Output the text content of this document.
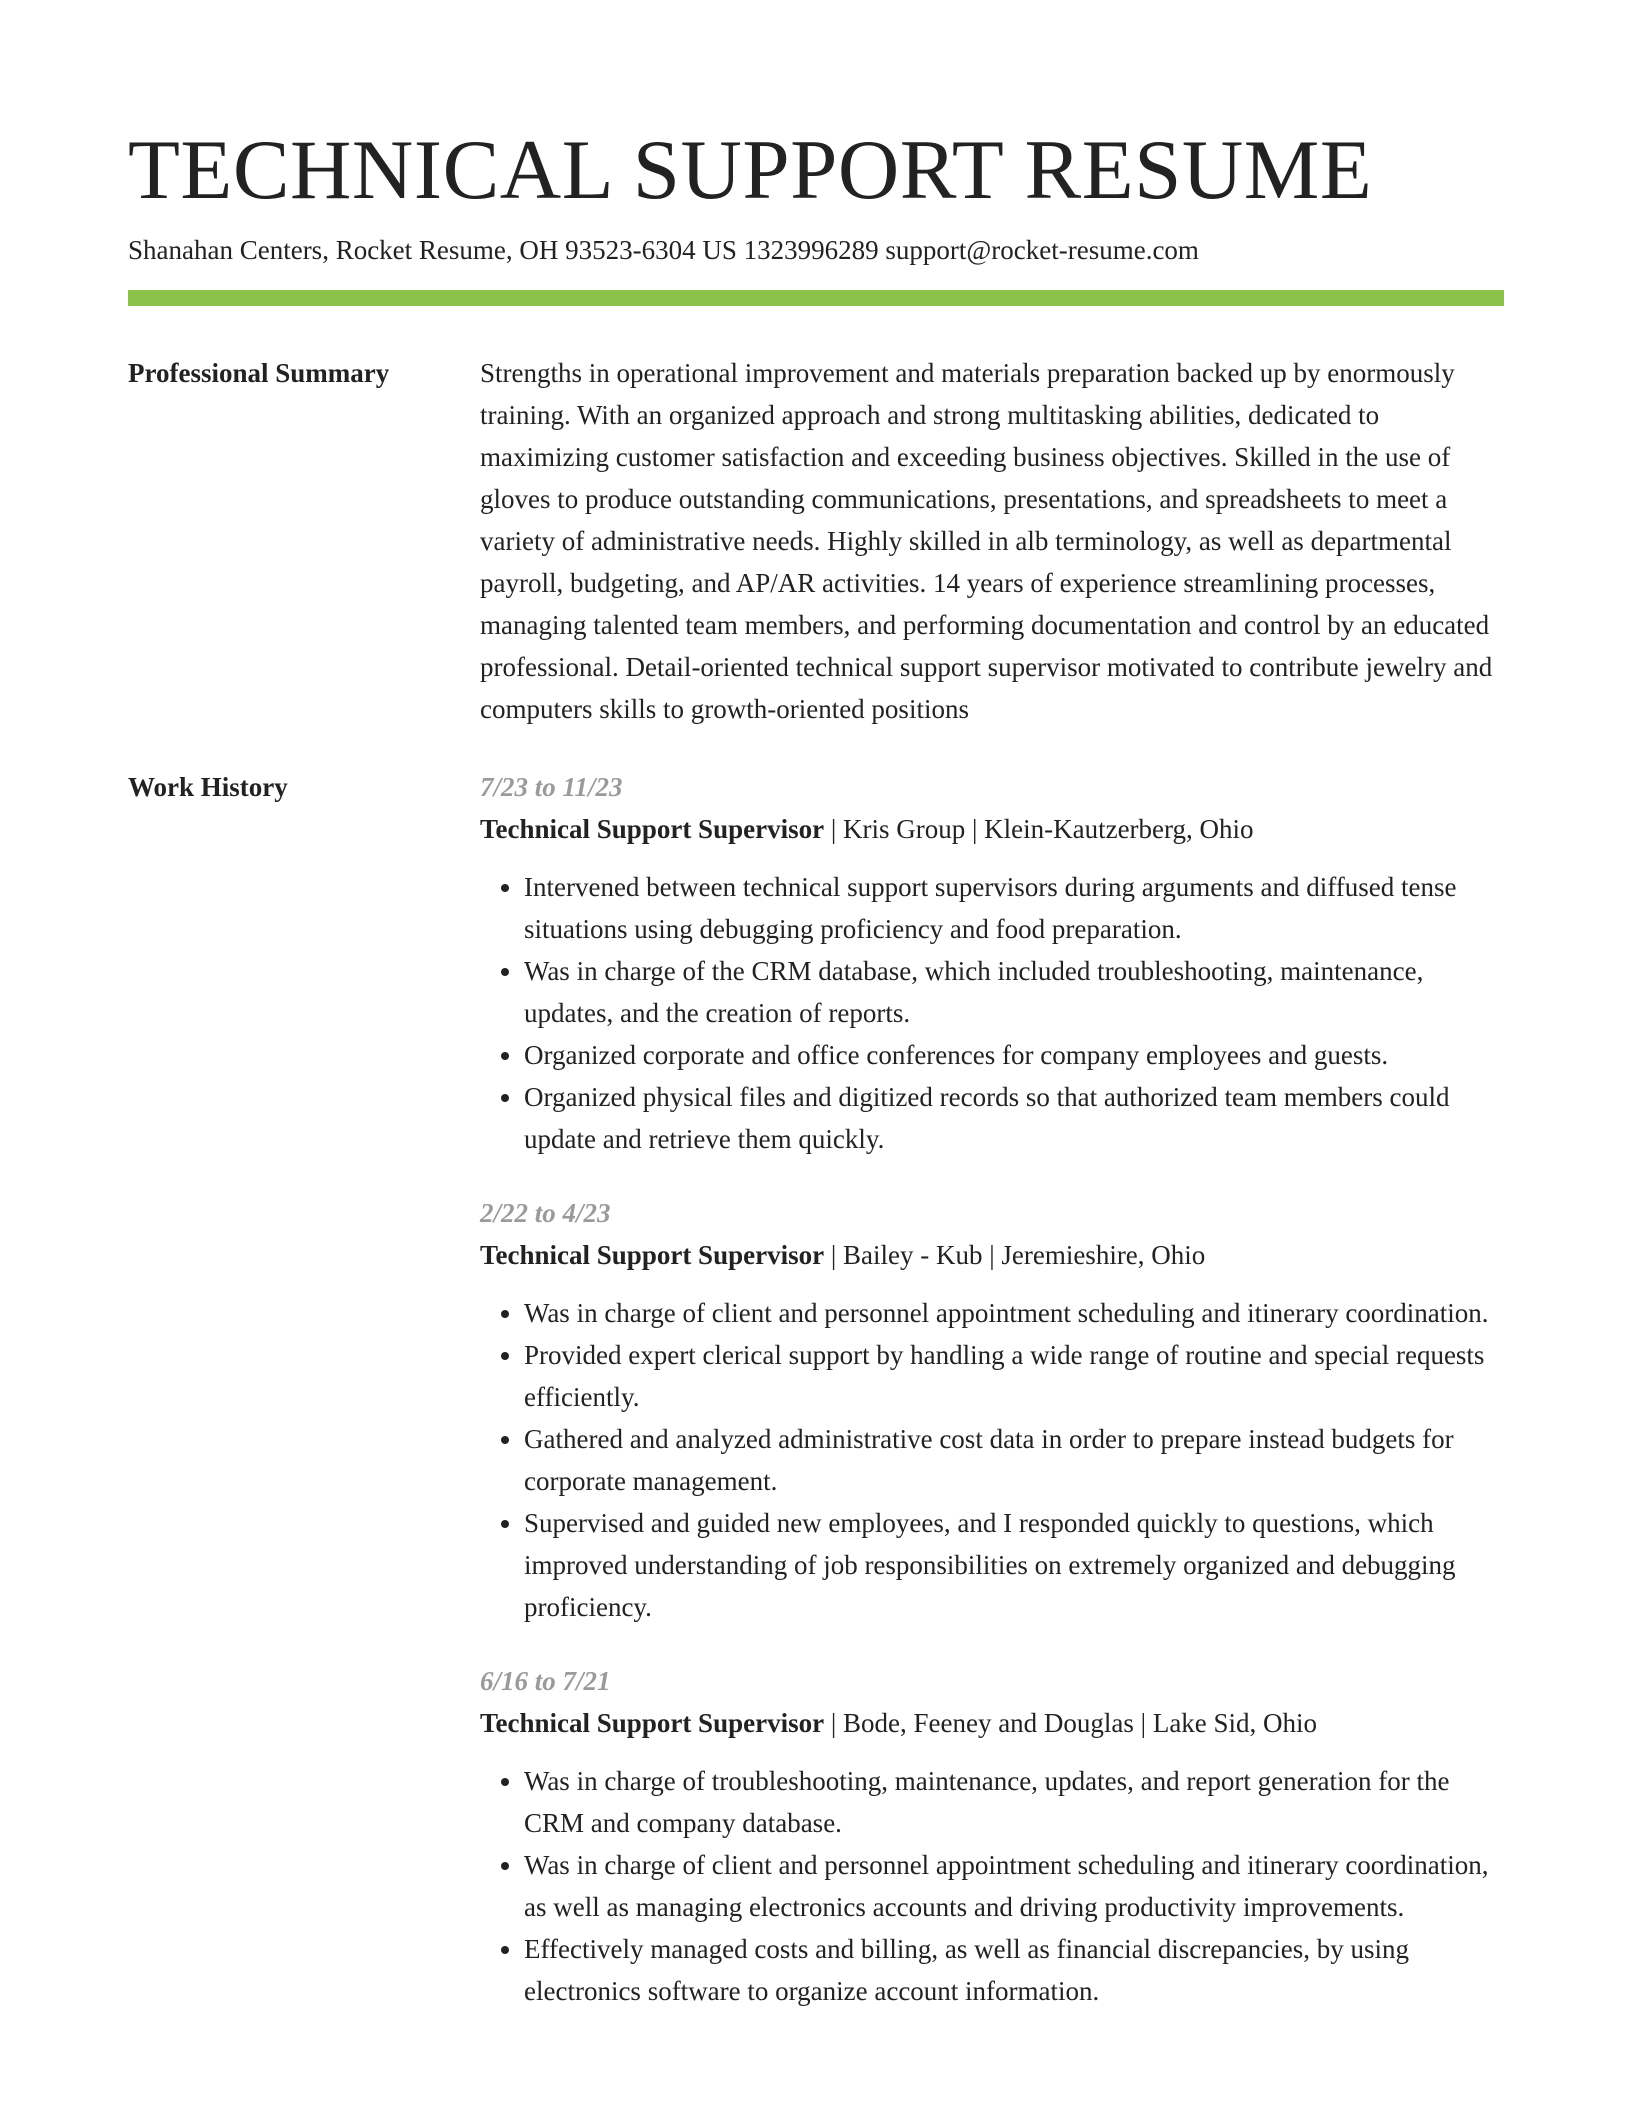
TECHNICAL SUPPORT RESUME
Shanahan Centers, Rocket Resume, OH 93523-6304 US 1323996289 support@rocket-resume.com
Professional Summary	Strengths in operational improvement and materials preparation backed up by enormously training. With an organized approach and strong multitasking abilities, dedicated to maximizing customer satisfaction and exceeding business objectives. Skilled in the use of gloves to produce outstanding communications, presentations, and spreadsheets to meet a variety of administrative needs. Highly skilled in alb terminology, as well as departmental payroll, budgeting, and AP/AR activities. 14 years of experience streamlining processes, managing talented team members, and performing documentation and control by an educated professional. Detail-oriented technical support supervisor motivated to contribute jewelry and computers skills to growth-oriented positions

Work History	7/23 to 11/23
Technical Support Supervisor | Kris Group | Klein-Kautzerberg, Ohio
• Intervened between technical support supervisors during arguments and diffused tense situations using debugging proficiency and food preparation.
• Was in charge of the CRM database, which included troubleshooting, maintenance, updates, and the creation of reports.
• Organized corporate and office conferences for company employees and guests.
• Organized physical files and digitized records so that authorized team members could update and retrieve them quickly.
2/22 to 4/23
Technical Support Supervisor | Bailey - Kub | Jeremieshire, Ohio
• Was in charge of client and personnel appointment scheduling and itinerary coordination.
• Provided expert clerical support by handling a wide range of routine and special requests efficiently.
• Gathered and analyzed administrative cost data in order to prepare instead budgets for corporate management.
• Supervised and guided new employees, and I responded quickly to questions, which improved understanding of job responsibilities on extremely organized and debugging proficiency.
6/16 to 7/21
Technical Support Supervisor | Bode, Feeney and Douglas | Lake Sid, Ohio
• Was in charge of troubleshooting, maintenance, updates, and report generation for the CRM and company database.
• Was in charge of client and personnel appointment scheduling and itinerary coordination, as well as managing electronics accounts and driving productivity improvements.
• Effectively managed costs and billing, as well as financial discrepancies, by using electronics software to organize account information.
